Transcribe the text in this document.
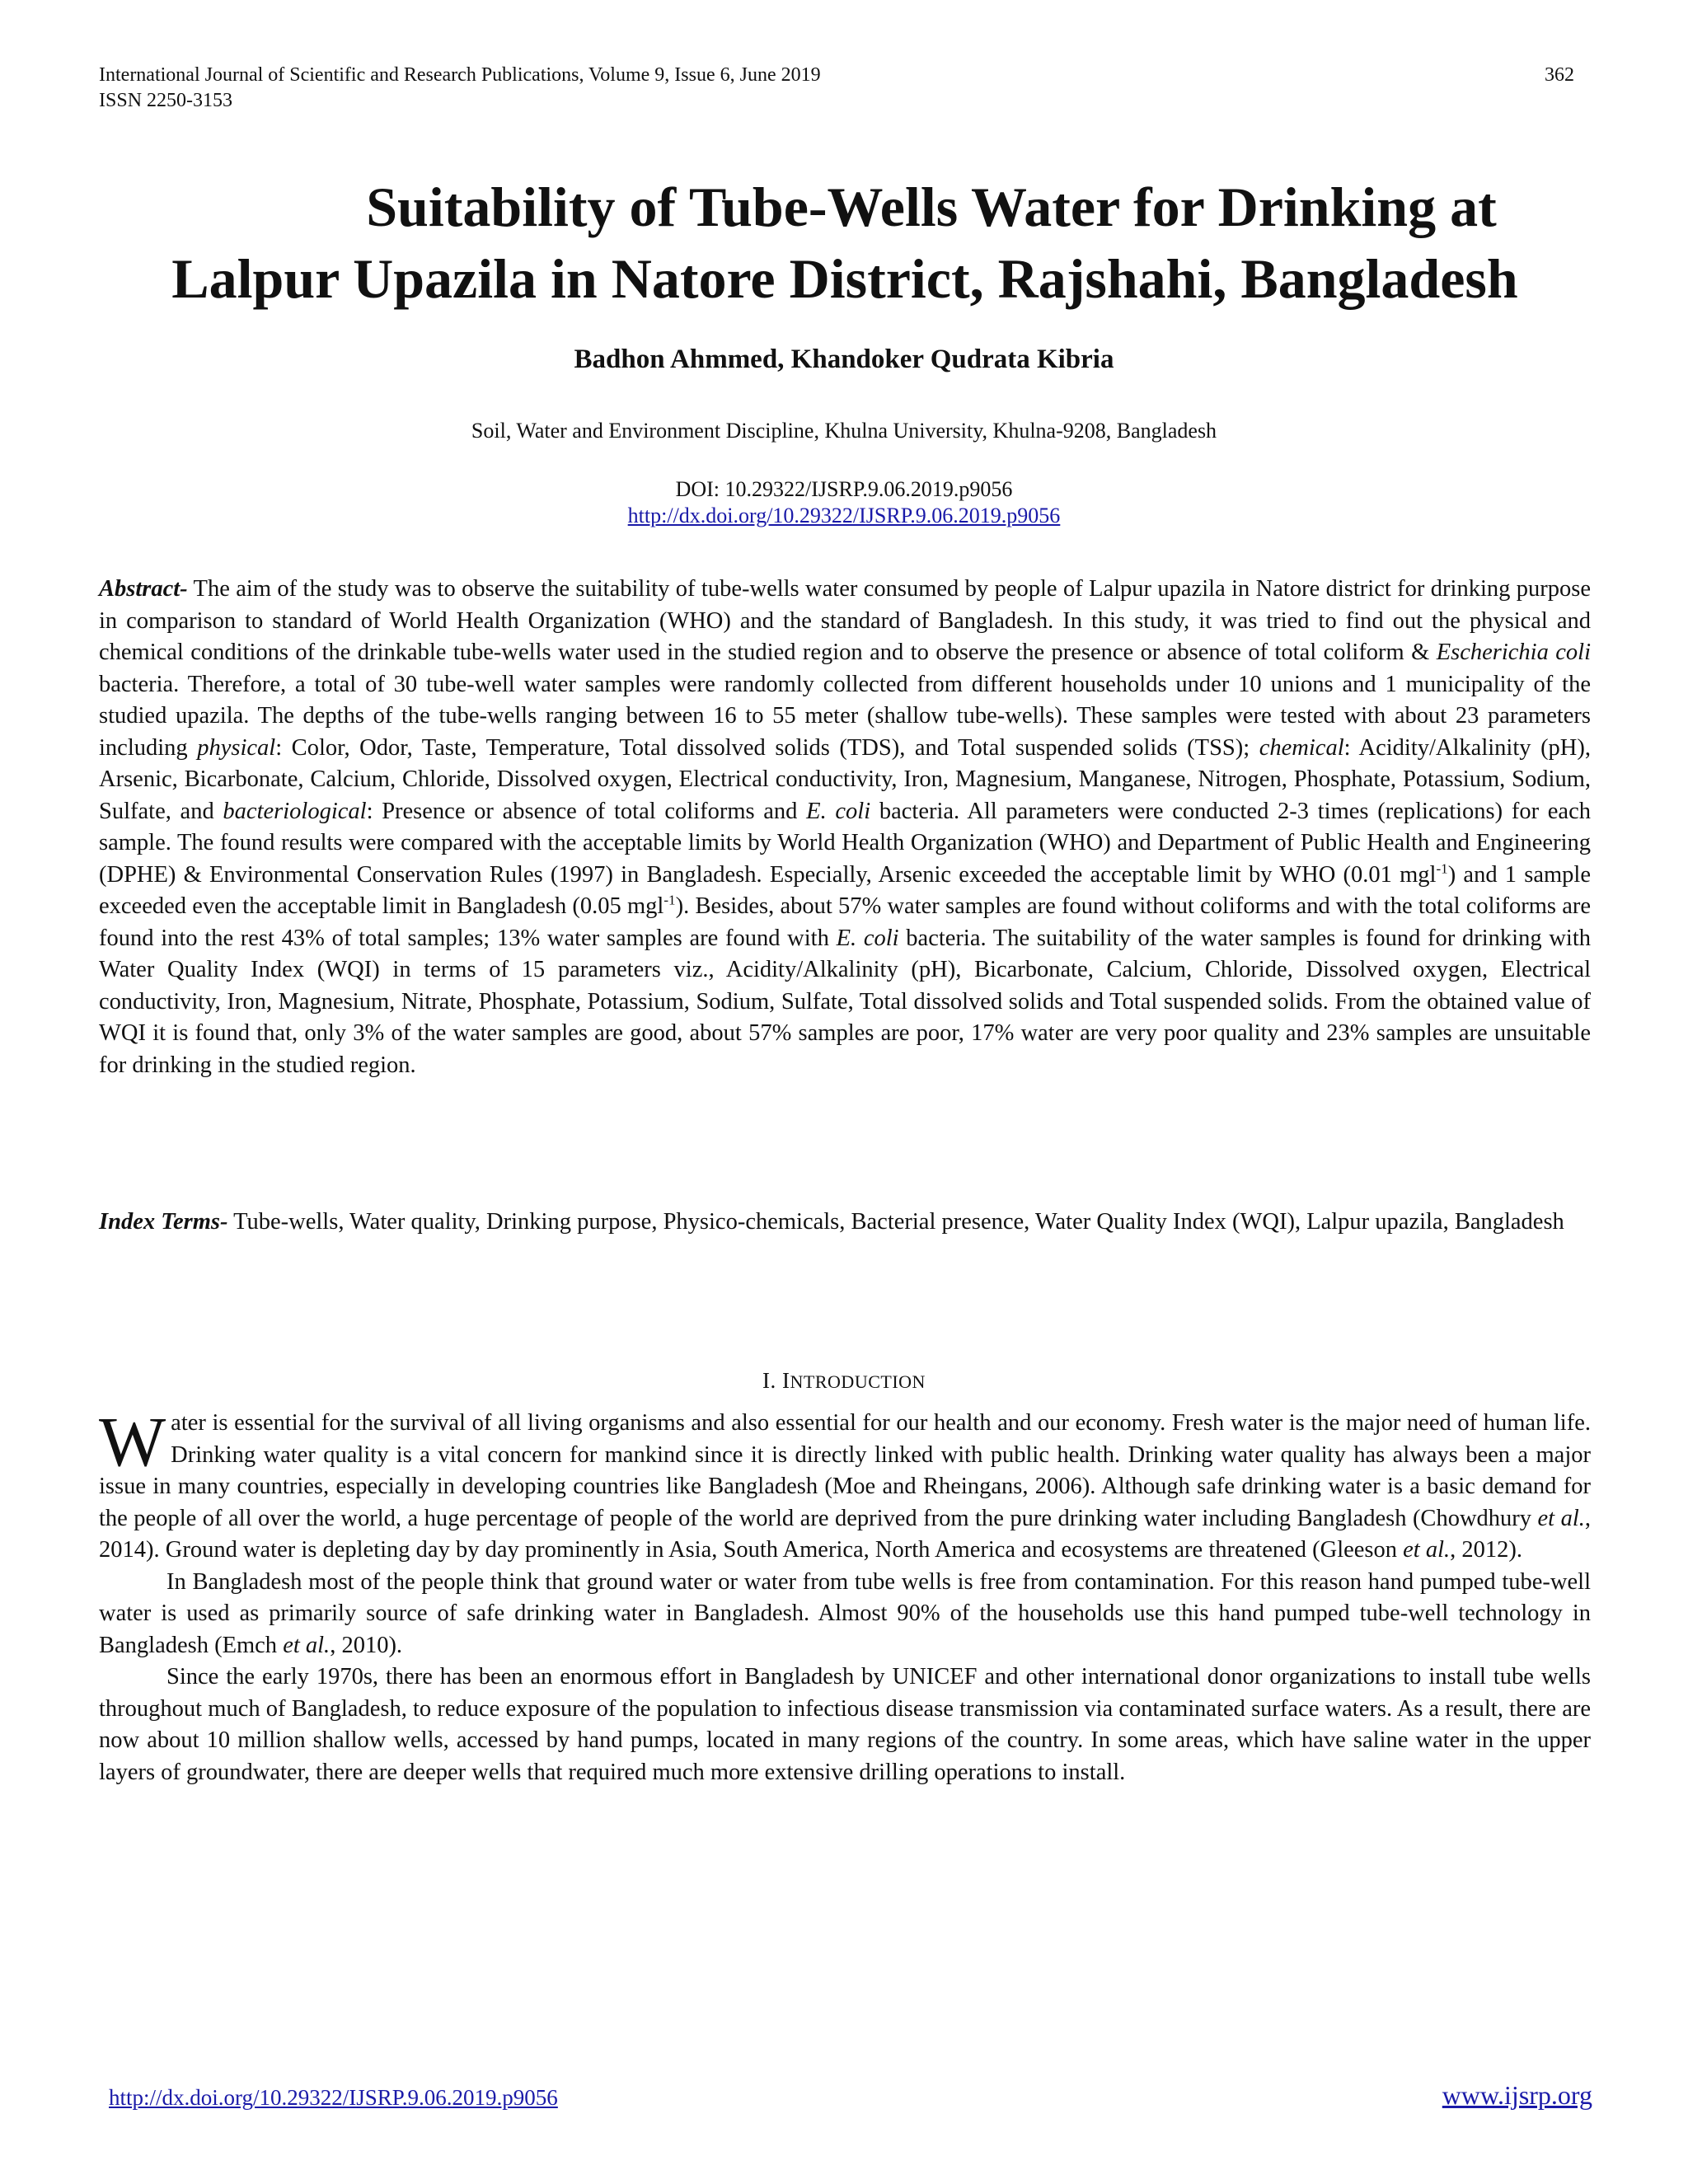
International Journal of Scientific and Research Publications, Volume 9, Issue 6, June 2019
ISSN 2250-3153
362
Suitability of Tube-Wells Water for Drinking at
Lalpur Upazila in Natore District, Rajshahi, Bangladesh
Badhon Ahmmed, Khandoker Qudrata Kibria
Soil, Water and Environment Discipline, Khulna University, Khulna-9208, Bangladesh
DOI: 10.29322/IJSRP.9.06.2019.p9056
http://dx.doi.org/10.29322/IJSRP.9.06.2019.p9056
Abstract- The aim of the study was to observe the suitability of tube-wells water consumed by people of Lalpur upazila in Natore district for drinking purpose in comparison to standard of World Health Organization (WHO) and the standard of Bangladesh. In this study, it was tried to find out the physical and chemical conditions of the drinkable tube-wells water used in the studied region and to observe the presence or absence of total coliform & Escherichia coli bacteria. Therefore, a total of 30 tube-well water samples were randomly collected from different households under 10 unions and 1 municipality of the studied upazila. The depths of the tube-wells ranging between 16 to 55 meter (shallow tube-wells). These samples were tested with about 23 parameters including physical: Color, Odor, Taste, Temperature, Total dissolved solids (TDS), and Total suspended solids (TSS); chemical: Acidity/Alkalinity (pH), Arsenic, Bicarbonate, Calcium, Chloride, Dissolved oxygen, Electrical conductivity, Iron, Magnesium, Manganese, Nitrogen, Phosphate, Potassium, Sodium, Sulfate, and bacteriological: Presence or absence of total coliforms and E. coli bacteria. All parameters were conducted 2-3 times (replications) for each sample. The found results were compared with the acceptable limits by World Health Organization (WHO) and Department of Public Health and Engineering (DPHE) & Environmental Conservation Rules (1997) in Bangladesh. Especially, Arsenic exceeded the acceptable limit by WHO (0.01 mgl$^{-1}$) and 1 sample exceeded even the acceptable limit in Bangladesh (0.05 mgl$^{-1}$). Besides, about 57% water samples are found without coliforms and with the total coliforms are found into the rest 43% of total samples; 13% water samples are found with E. coli bacteria. The suitability of the water samples is found for drinking with Water Quality Index (WQI) in terms of 15 parameters viz., Acidity/Alkalinity (pH), Bicarbonate, Calcium, Chloride, Dissolved oxygen, Electrical conductivity, Iron, Magnesium, Nitrate, Phosphate, Potassium, Sodium, Sulfate, Total dissolved solids and Total suspended solids. From the obtained value of WQI it is found that, only 3% of the water samples are good, about 57% samples are poor, 17% water are very poor quality and 23% samples are unsuitable for drinking in the studied region.
Index Terms- Tube-wells, Water quality, Drinking purpose, Physico-chemicals, Bacterial presence, Water Quality Index (WQI), Lalpur upazila, Bangladesh
I. INTRODUCTION

Water is essential for the survival of all living organisms and also essential for our health and our economy. Fresh water is the major need of human life. Drinking water quality is a vital concern for mankind since it is directly linked with public health. Drinking water quality has always been a major issue in many countries, especially in developing countries like Bangladesh (Moe and Rheingans, 2006). Although safe drinking water is a basic demand for the people of all over the world, a huge percentage of people of the world are deprived from the pure drinking water including Bangladesh (Chowdhury et al., 2014). Ground water is depleting day by day prominently in Asia, South America, North America and ecosystems are threatened (Gleeson et al., 2012).

In Bangladesh most of the people think that ground water or water from tube wells is free from contamination. For this reason hand pumped tube-well water is used as primarily source of safe drinking water in Bangladesh. Almost 90% of the households use this hand pumped tube-well technology in Bangladesh (Emch et al., 2010).

Since the early 1970s, there has been an enormous effort in Bangladesh by UNICEF and other international donor organizations to install tube wells throughout much of Bangladesh, to reduce exposure of the population to infectious disease transmission via contaminated surface waters. As a result, there are now about 10 million shallow wells, accessed by hand pumps, located in many regions of the country. In some areas, which have saline water in the upper layers of groundwater, there are deeper wells that required much more extensive drilling operations to install.

http://dx.doi.org/10.29322/IJSRP.9.06.2019.p9056	www.ijsrp.org
